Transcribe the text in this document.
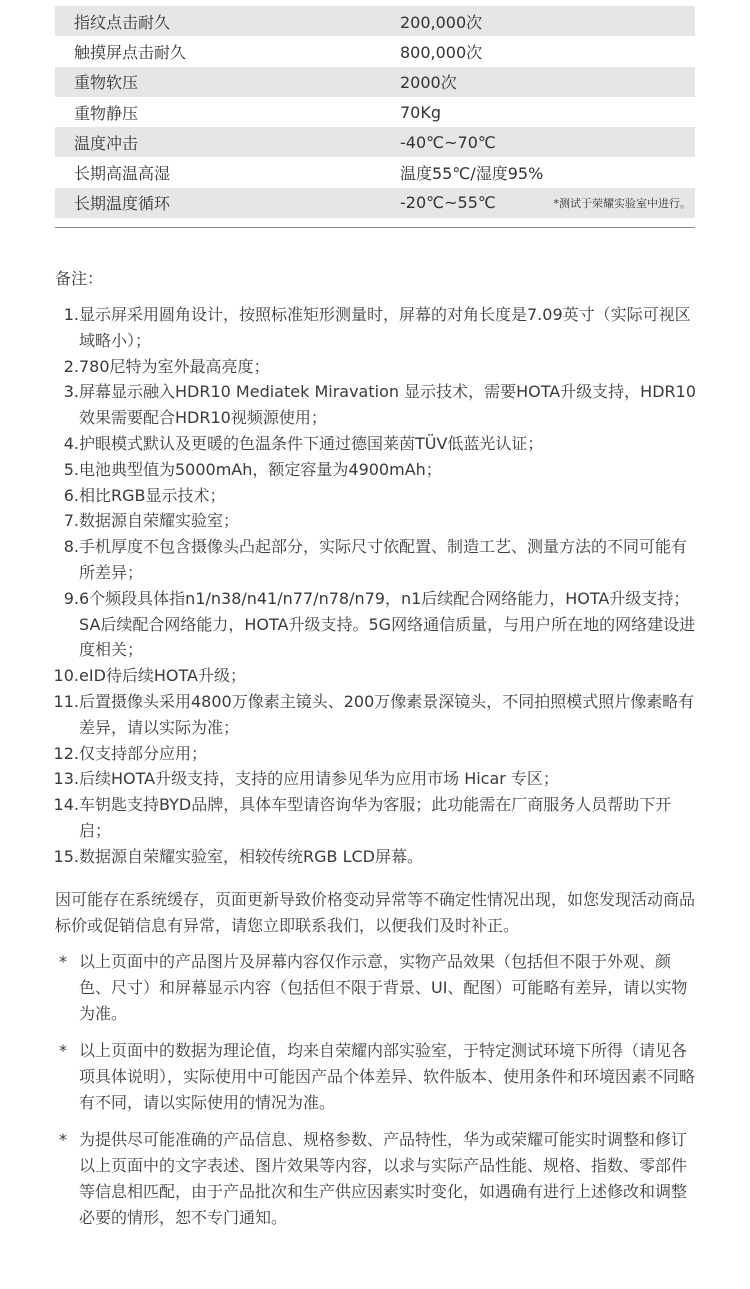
指纹点击耐久	200,000次
触摸屏点击耐久	800,000次
重物软压	2000次
重物静压	70Kg
温度冲击	-40℃~70℃
长期高温高湿	温度55℃/湿度95%
长期温度循环	-20℃~55℃	*测试于荣耀实验室中进行。
备注：
1. 显示屏采用圆角设计，按照标准矩形测量时，屏幕的对角长度是7.09英寸（实际可视区域略小）；
2. 780尼特为室外最高亮度；
3. 屏幕显示融入HDR10 Mediatek Miravation 显示技术，需要HOTA升级支持，HDR10效果需要配合HDR10视频源使用；
4. 护眼模式默认及更暖的色温条件下通过德国莱茵TÜV低蓝光认证；
5. 电池典型值为5000mAh，额定容量为4900mAh；
6. 相比RGB显示技术；
7. 数据源自荣耀实验室；
8. 手机厚度不包含摄像头凸起部分，实际尺寸依配置、制造工艺、测量方法的不同可能有所差异；
9. 6个频段具体指n1/n38/n41/n77/n78/n79，n1后续配合网络能力，HOTA升级支持；SA后续配合网络能力，HOTA升级支持。5G网络通信质量，与用户所在地的网络建设进度相关；
10. eID待后续HOTA升级；
11. 后置摄像头采用4800万像素主镜头、200万像素景深镜头，不同拍照模式照片像素略有差异，请以实际为准；
12. 仅支持部分应用；
13. 后续HOTA升级支持，支持的应用请参见华为应用市场 Hicar 专区；
14. 车钥匙支持BYD品牌，具体车型请咨询华为客服；此功能需在厂商服务人员帮助下开启；
15. 数据源自荣耀实验室，相较传统RGB LCD屏幕。
因可能存在系统缓存，页面更新导致价格变动异常等不确定性情况出现，如您发现活动商品标价或促销信息有异常，请您立即联系我们，以便我们及时补正。
* 以上页面中的产品图片及屏幕内容仅作示意，实物产品效果（包括但不限于外观、颜色、尺寸）和屏幕显示内容（包括但不限于背景、UI、配图）可能略有差异，请以实物为准。
* 以上页面中的数据为理论值，均来自荣耀内部实验室，于特定测试环境下所得（请见各项具体说明），实际使用中可能因产品个体差异、软件版本、使用条件和环境因素不同略有不同，请以实际使用的情况为准。
* 为提供尽可能准确的产品信息、规格参数、产品特性，华为或荣耀可能实时调整和修订以上页面中的文字表述、图片效果等内容，以求与实际产品性能、规格、指数、零部件等信息相匹配，由于产品批次和生产供应因素实时变化，如遇确有进行上述修改和调整必要的情形，恕不专门通知。
